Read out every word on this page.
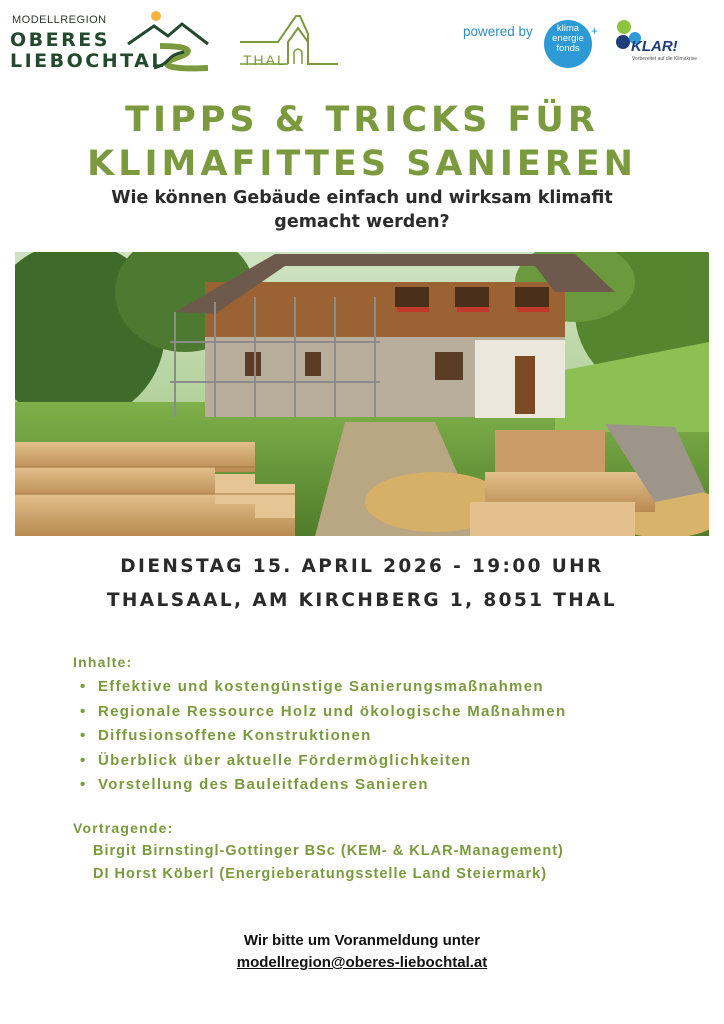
MODELLREGION
OBERES
LIEBOCHTAL	THAL
powered by	klima
energie
fonds	KLAR!
Vorbereitet auf die Klimakrise
TIPPS & TRICKS FÜR
KLIMAFITTES SANIEREN
Wie können Gebäude einfach und wirksam klimafit gemacht werden?
DIENSTAG 15. APRIL 2026 - 19:00 UHR
THALSAAL, AM KIRCHBERG 1, 8051 THAL
Inhalte:
• Effektive und kostengünstige Sanierungsmaßnahmen
• Regionale Ressource Holz und ökologische Maßnahmen
• Diffusionsoffene Konstruktionen
• Überblick über aktuelle Fördermöglichkeiten
• Vorstellung des Bauleitfadens Sanieren
Vortragende:
Birgit Birnstingl-Gottinger BSc (KEM- & KLAR-Management)
DI Horst Köberl (Energieberatungsstelle Land Steiermark)
Wir bitte um Voranmeldung unter
modellregion@oberes-liebochtal.at
+
